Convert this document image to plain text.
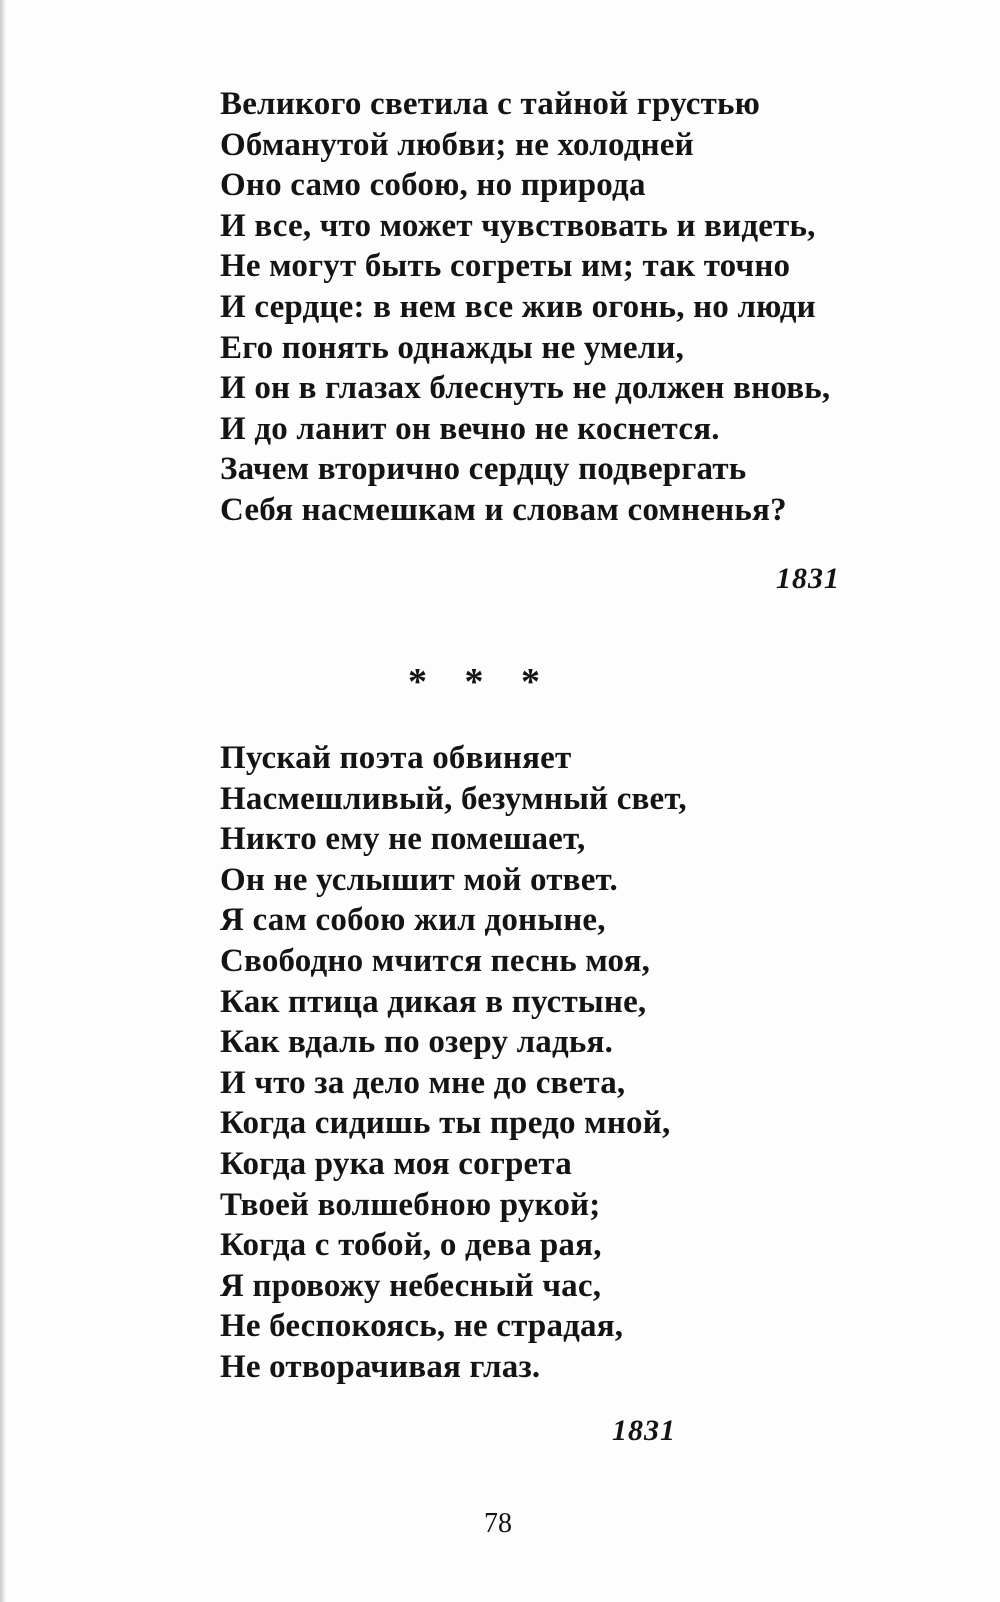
Великого светила с тайной грустью
Обманутой любви; не холодней
Оно само собою, но природа
И все, что может чувствовать и видеть,
Не могут быть согреты им; так точно
И сердце: в нем все жив огонь, но люди
Его понять однажды не умели,
И он в глазах блеснуть не должен вновь,
И до ланит он вечно не коснется.
Зачем вторично сердцу подвергать
Себя насмешкам и словам сомненья?
1831
* * *
Пускай поэта обвиняет
Насмешливый, безумный свет,
Никто ему не помешает,
Он не услышит мой ответ.
Я сам собою жил доныне,
Свободно мчится песнь моя,
Как птица дикая в пустыне,
Как вдаль по озеру ладья.
И что за дело мне до света,
Когда сидишь ты предо мной,
Когда рука моя согрета
Твоей волшебною рукой;
Когда с тобой, о дева рая,
Я провожу небесный час,
Не беспокоясь, не страдая,
Не отворачивая глаз.
1831
78
